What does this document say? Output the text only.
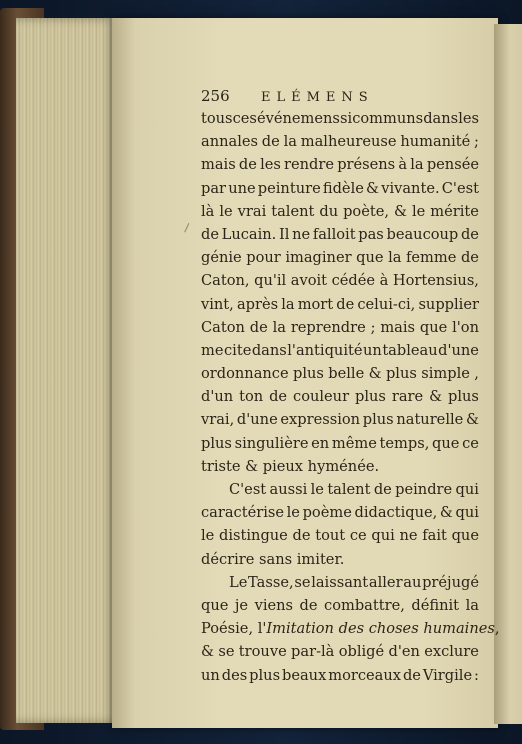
256	ELÉMENS
tous ces événemens si communs dans les
annales de la malheureuse humanité ;
mais de les rendre présens à la pensée
par une peinture fidèle & vivante. C'est
là le vrai talent du poète, & le mérite
de Lucain. Il ne falloit pas beaucoup de
génie pour imaginer que la femme de
Caton, qu'il avoit cédée à Hortensius,
vint, après la mort de celui-ci, supplier
Caton de la reprendre ; mais que l'on
me cite dans l'antiquité un tableau d'une
ordonnance plus belle & plus simple ,
d'un ton de couleur plus rare & plus
vrai, d'une expression plus naturelle &
plus singulière en même temps, que ce
triste & pieux hyménée.
C'est aussi le talent de peindre qui
caractérise le poème didactique, & qui
le distingue de tout ce qui ne fait que
décrire sans imiter.
Le Tasse, se laissant aller au préjugé
que je viens de combattre, définit la
Poésie, l'Imitation des choses humaines,
& se trouve par-là obligé d'en exclure
un des plus beaux morceaux de Virgile :
